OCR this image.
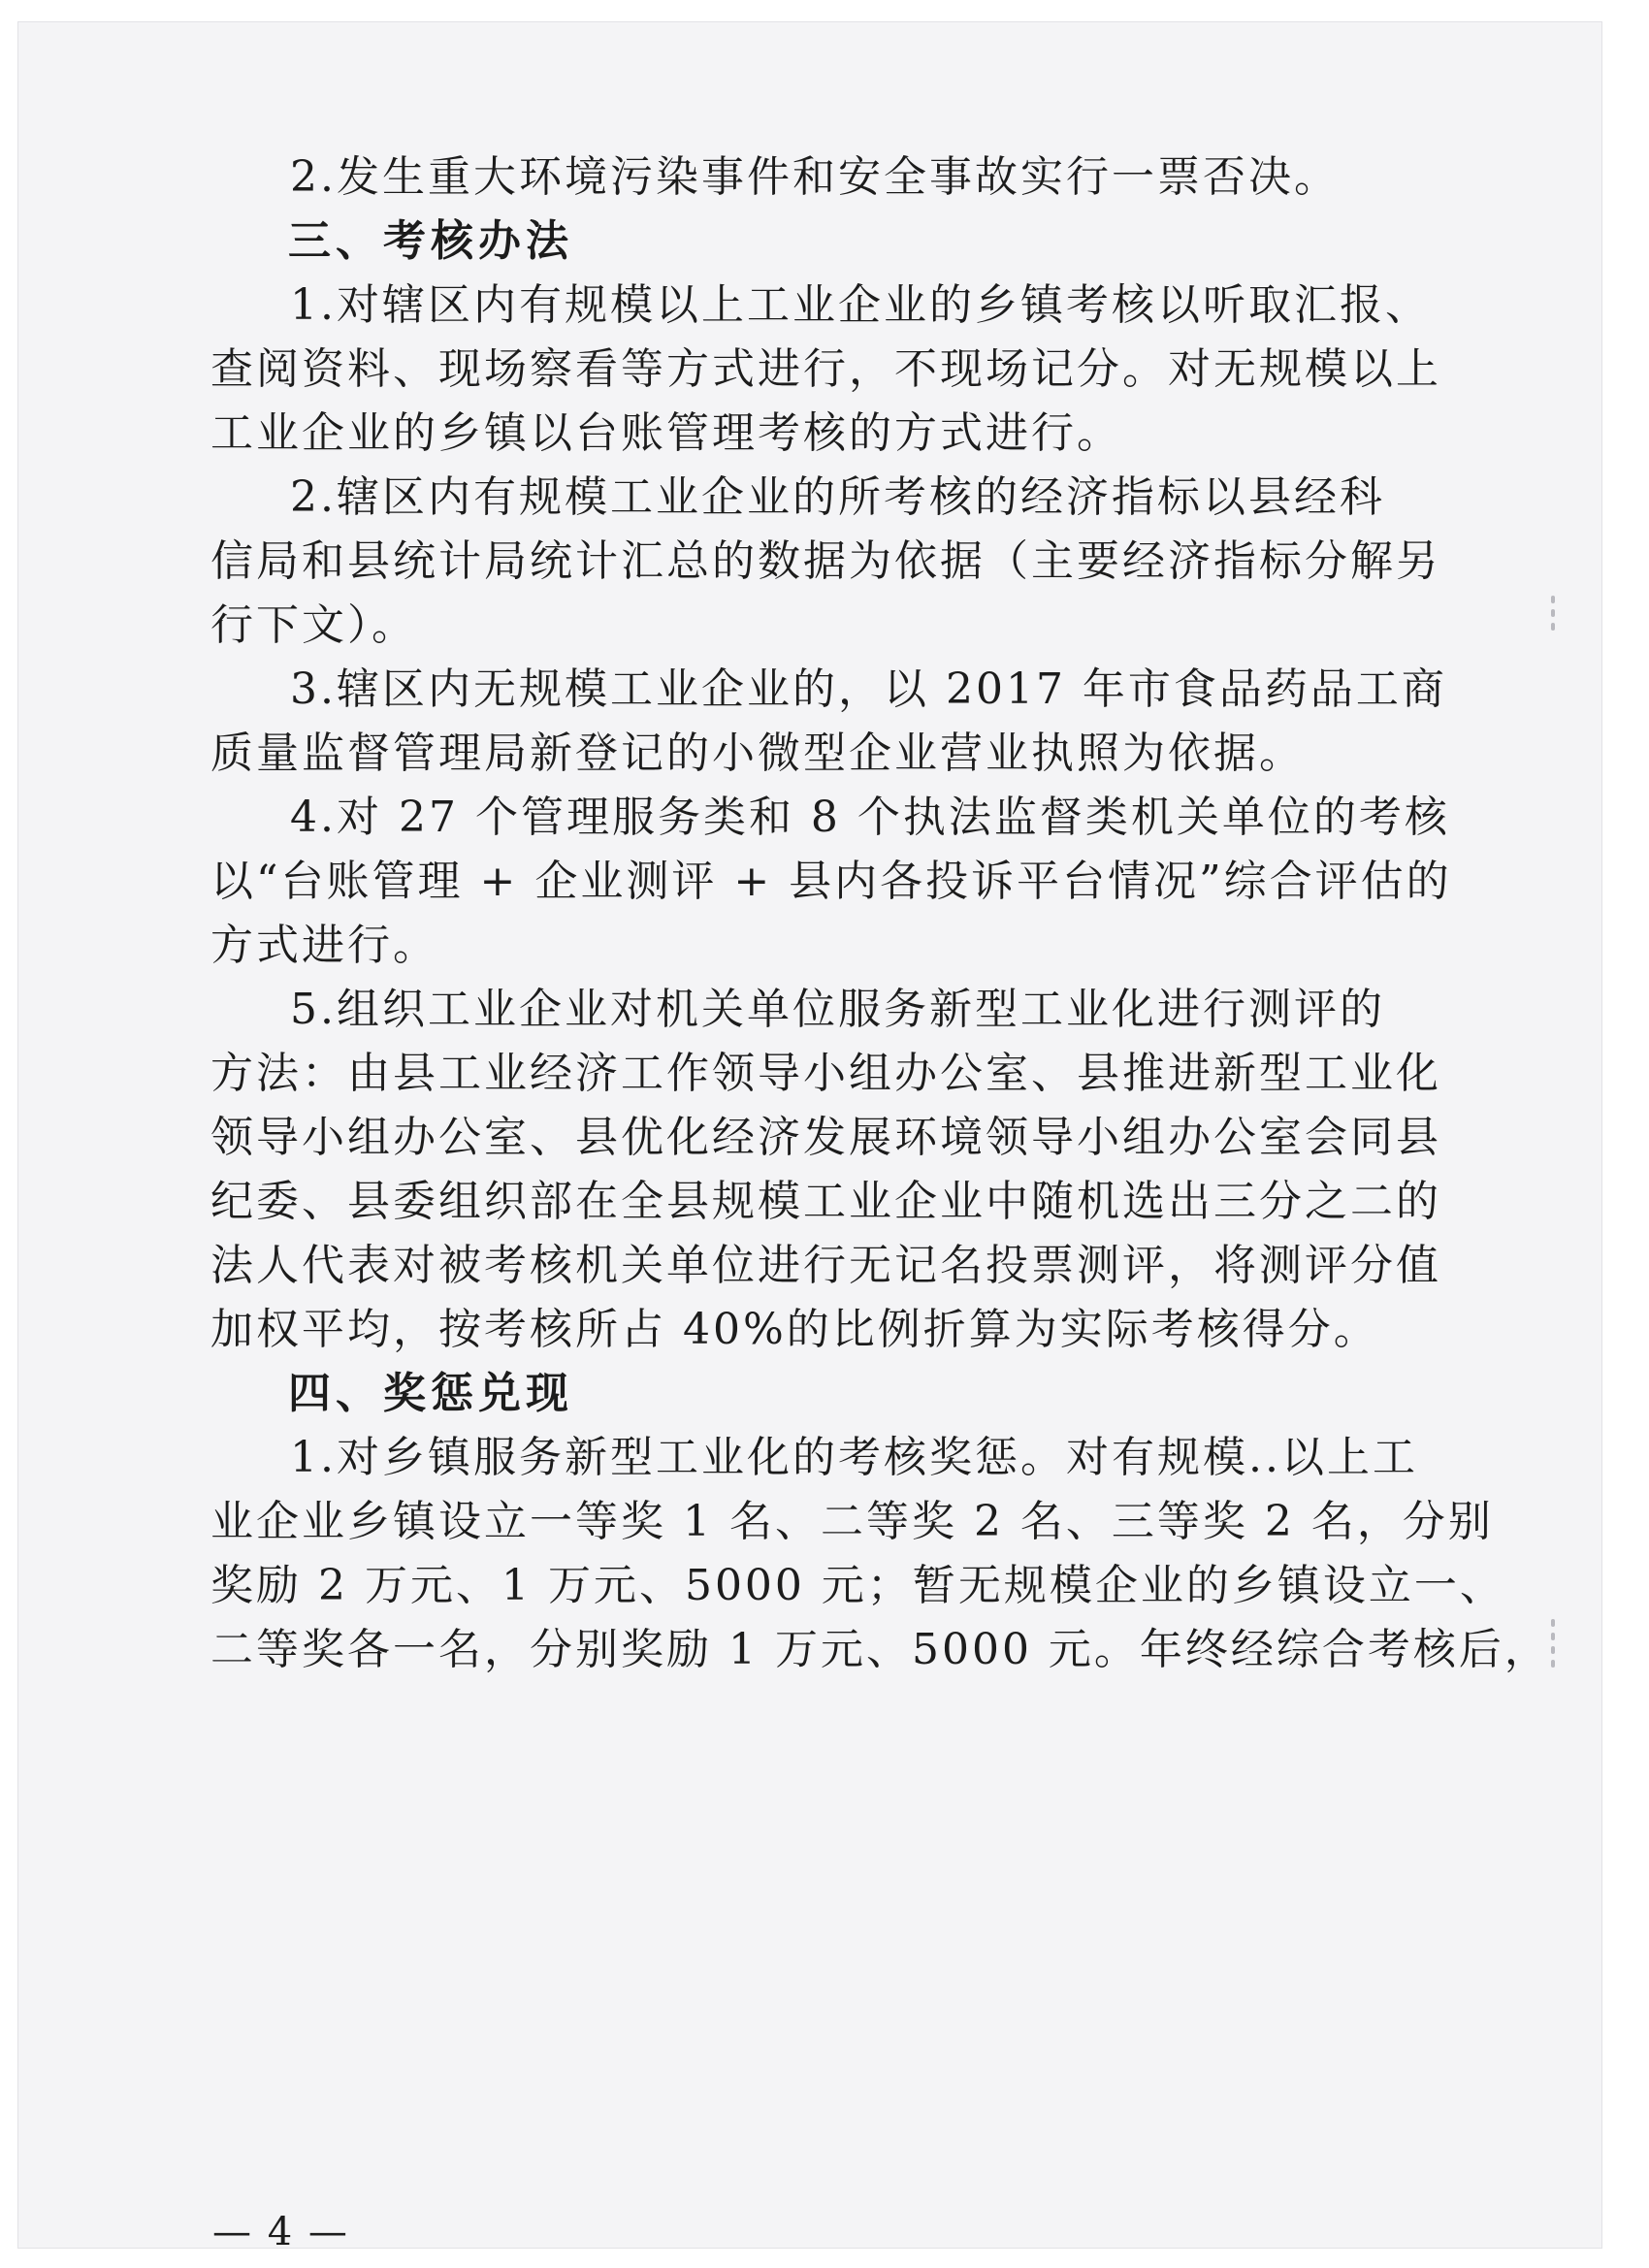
2.发生重大环境污染事件和安全事故实行一票否决。
三、考核办法
1.对辖区内有规模以上工业企业的乡镇考核以听取汇报、
查阅资料、现场察看等方式进行，不现场记分。对无规模以上
工业企业的乡镇以台账管理考核的方式进行。
2.辖区内有规模工业企业的所考核的经济指标以县经科
信局和县统计局统计汇总的数据为依据（主要经济指标分解另
行下文）。
3.辖区内无规模工业企业的，以 2017 年市食品药品工商
质量监督管理局新登记的小微型企业营业执照为依据。
4.对 27 个管理服务类和 8 个执法监督类机关单位的考核
以“台账管理 + 企业测评 + 县内各投诉平台情况”综合评估的
方式进行。
5.组织工业企业对机关单位服务新型工业化进行测评的
方法：由县工业经济工作领导小组办公室、县推进新型工业化
领导小组办公室、县优化经济发展环境领导小组办公室会同县
纪委、县委组织部在全县规模工业企业中随机选出三分之二的
法人代表对被考核机关单位进行无记名投票测评，将测评分值
加权平均，按考核所占 40%的比例折算为实际考核得分。
四、奖惩兑现
1.对乡镇服务新型工业化的考核奖惩。对有规模..以上工
业企业乡镇设立一等奖 1 名、二等奖 2 名、三等奖 2 名，分别
奖励 2 万元、1 万元、5000 元；暂无规模企业的乡镇设立一、
二等奖各一名，分别奖励 1 万元、5000 元。年终经综合考核后，
— 4 —
